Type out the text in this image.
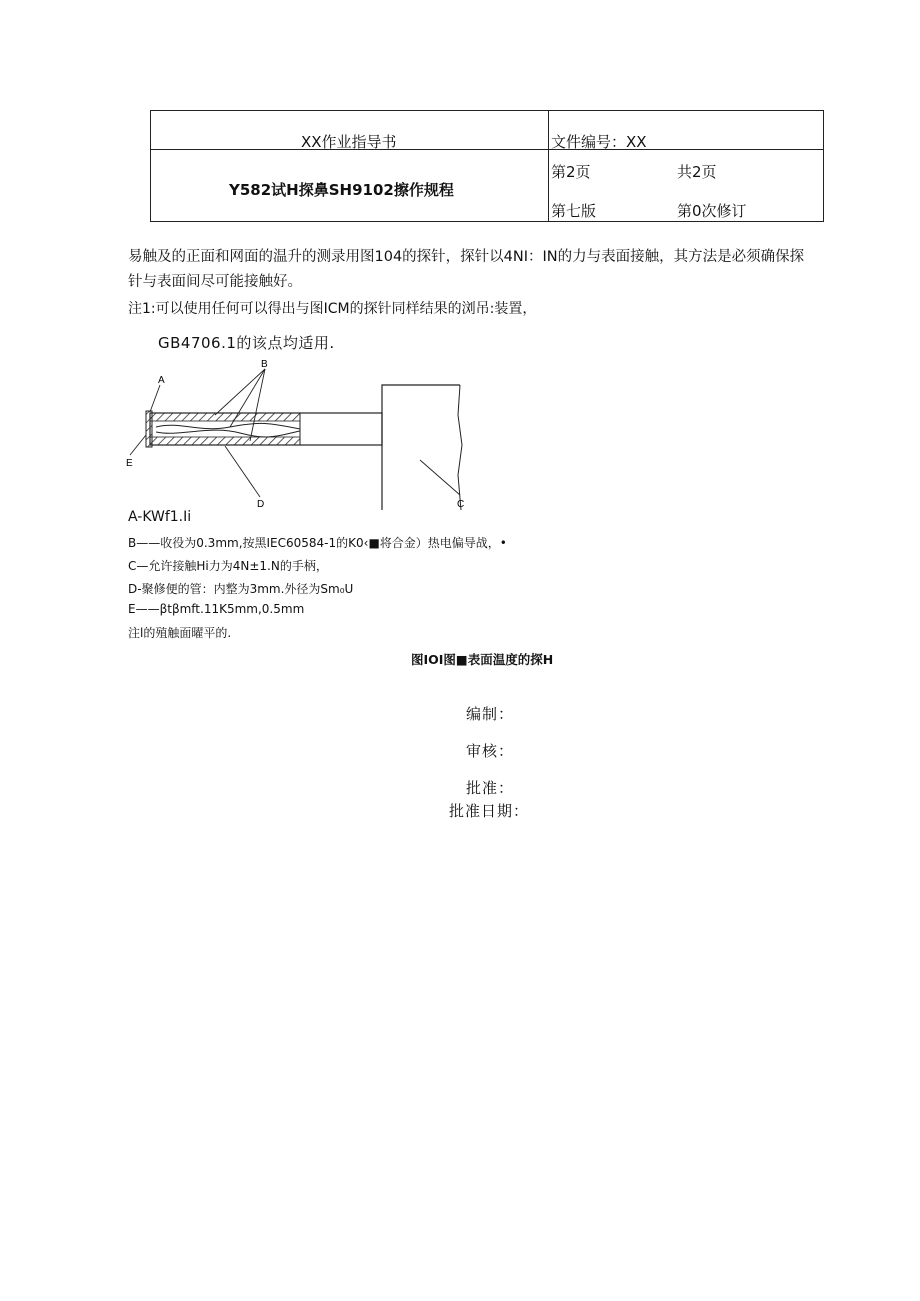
XX作业指导书	文件编号：XX
Y582试H探鼻SH9102擦作规程
第2页	共2页
第七版	第0次修订
易触及的正面和网面的温升的测录用图104的探针，探针以4NI：IN的力与表面接触，其方法是必须确保探
针与表面间尽可能接触好。
注1:可以使用任何可以得出与图ICM的探针同样结果的浏吊:装置，
GB4706.1的该点均适用.
A
B
C
D
E
A-KWf1.Ii
B——收役为0.3mm,按黑IEC60584-1的K0‹■将合金）热电偏导战，•
C—允许接触Hi力为4N±1.N的手柄，
D-聚修便的管：内整为3mm.外径为Sm₀U
E——βtβmft.11K5mm,0.5mm
注l的殖触面曜平的.
图IOI图■表面温度的探H
编制：
审核：
批准：
批准日期：
